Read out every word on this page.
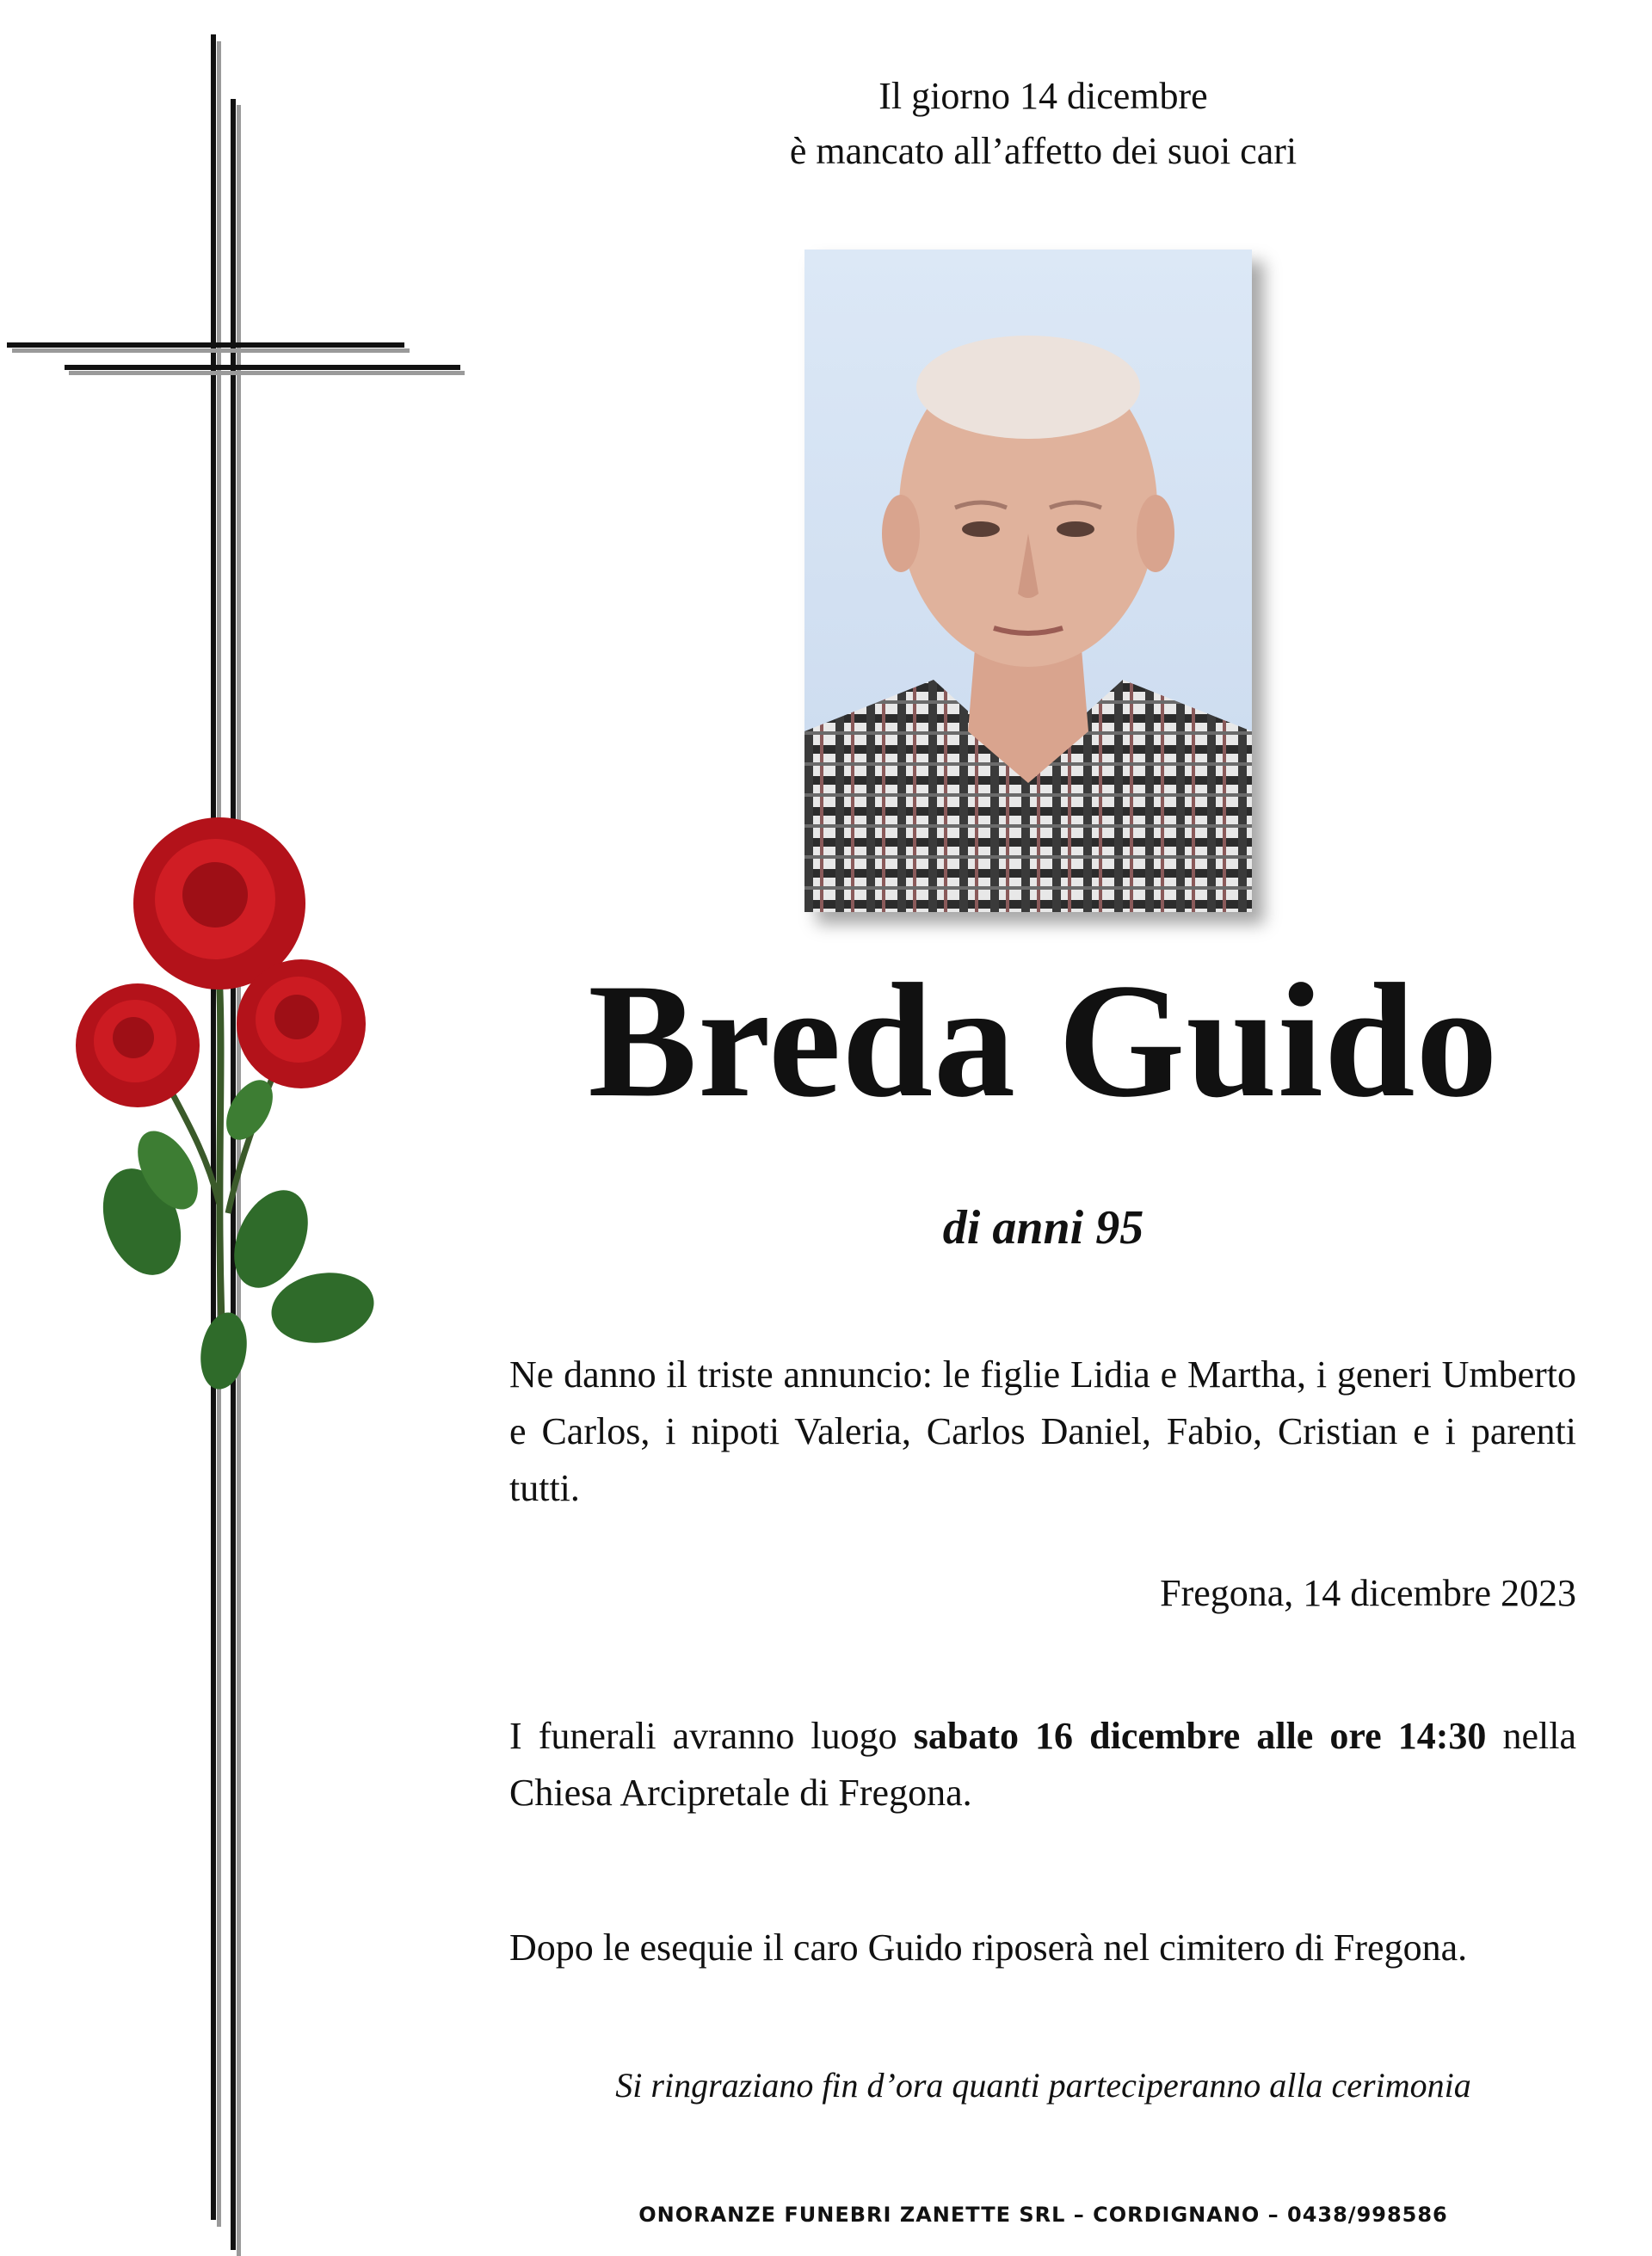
Il giorno 14 dicembre
è mancato all’affetto dei suoi cari
Breda Guido
di anni 95
Ne danno il triste annuncio: le figlie Lidia e Martha, i generi Umberto e Carlos, i nipoti Valeria, Carlos Daniel, Fabio, Cristian e i parenti tutti.
Fregona, 14 dicembre 2023
I funerali avranno luogo sabato 16 dicembre alle ore 14:30 nella Chiesa Arcipretale di Fregona.
Dopo le esequie il caro Guido riposerà nel cimitero di Fregona.
Si ringraziano fin d’ora quanti parteciperanno alla cerimonia
ONORANZE FUNEBRI ZANETTE SRL – CORDIGNANO – 0438/998586
